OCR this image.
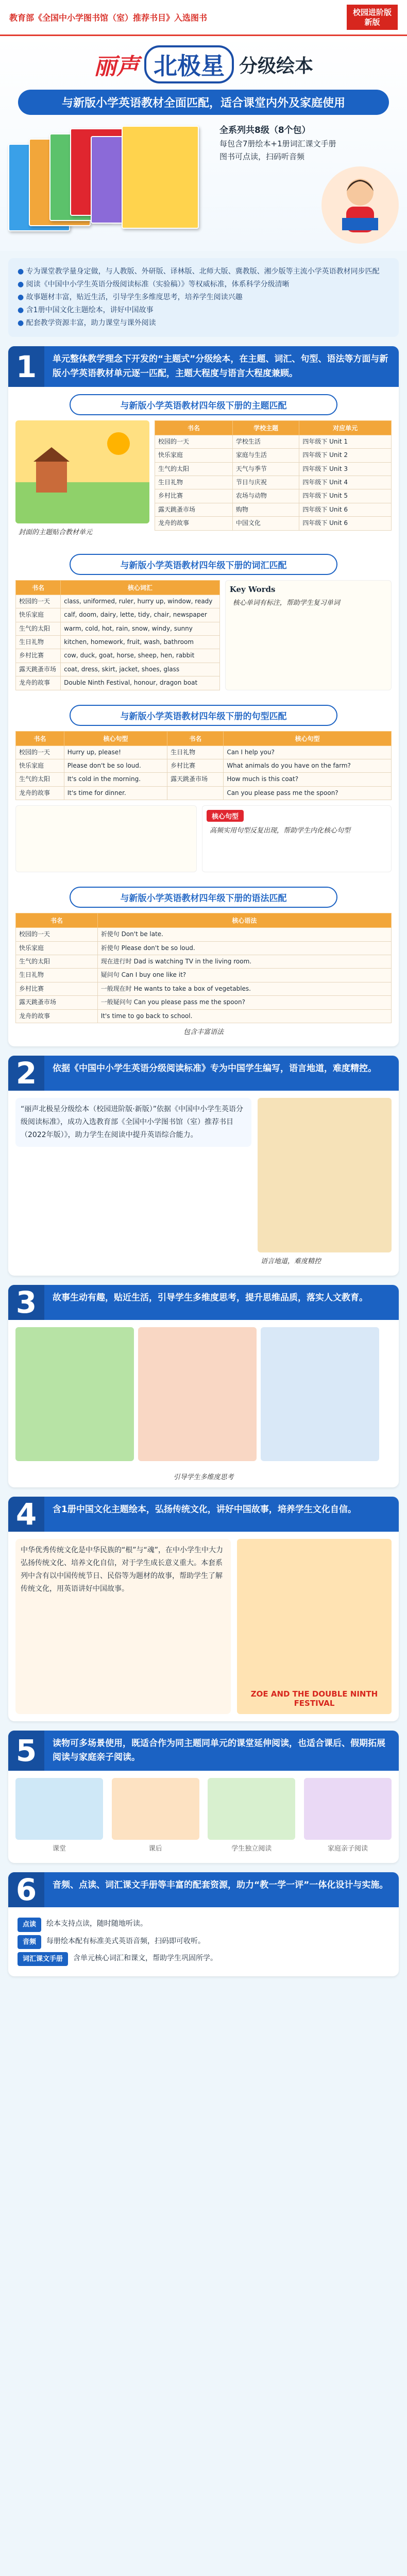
教育部《全国中小学图书馆（室）推荐书目》入选图书
校园进阶版
新版
丽声 北极星 分级绘本
与新版小学英语教材全面匹配，适合课堂内外及家庭使用
全系列共8级（8个包）
每包含7册绘本+1册词汇课文手册
图书可点读，扫码听音频
● 专为课堂教学量身定做，与人教版、外研版、译林版、北师大版、冀教版、湘少版等主流小学英语教材同步匹配
● 阅读《中国中小学生英语分级阅读标准（实验稿）》等权威标准，体系科学分级清晰
● 故事题材丰富，贴近生活，引导学生多维度思考，培养学生阅读兴趣
● 含1册中国文化主题绘本，讲好中国故事
● 配套教学资源丰富，助力课堂与课外阅读
1	单元整体教学理念下开发的“主题式”分级绘本，在主题、词汇、句型、语法等方面与新版小学英语教材单元逐一匹配，主题大程度与语言大程度兼顾。
与新版小学英语教材四年级下册的主题匹配
封面的主题贴合教材单元
书名	学校主题	对应单元
校园的一天	学校生活	四年级下 Unit 1
快乐家庭	家庭与生活	四年级下 Unit 2
生气的太阳	天气与季节	四年级下 Unit 3
生日礼物	节日与庆祝	四年级下 Unit 4
乡村比赛	农场与动物	四年级下 Unit 5
露天跳蚤市场	购物	四年级下 Unit 6
龙舟的故事	中国文化	四年级下 Unit 6
与新版小学英语教材四年级下册的词汇匹配
书名	核心词汇
校园的一天	class, uniformed, ruler, hurry up, window, ready
快乐家庭	calf, doom, dairy, lette, tidy, chair, newspaper
生气的太阳	warm, cold, hot, rain, snow, windy, sunny
生日礼物	kitchen, homework, fruit, wash, bathroom
乡村比赛	cow, duck, goat, horse, sheep, hen, rabbit
露天跳蚤市场	coat, dress, skirt, jacket, shoes, glass
龙舟的故事	Double Ninth Festival, honour, dragon boat
Key Words
核心单词有标注，帮助学生复习单词
与新版小学英语教材四年级下册的句型匹配
书名	核心句型	书名	核心句型
校园的一天	Hurry up, please!	生日礼物	Can I help you?
快乐家庭	Please don't be so loud.	乡村比赛	What animals do you have on the farm?
生气的太阳	It's cold in the morning.	露天跳蚤市场	How much is this coat?
龙舟的故事	It's time for dinner.		Can you please pass me the spoon?
核心句型
高频实用句型反复出现，帮助学生内化核心句型
与新版小学英语教材四年级下册的语法匹配
书名	核心语法
校园的一天	祈使句 Don't be late.
快乐家庭	祈使句 Please don't be so loud.
生气的太阳	现在进行时 Dad is watching TV in the living room.
生日礼物	疑问句 Can I buy one like it?
乡村比赛	一般现在时 He wants to take a box of vegetables.
露天跳蚤市场	一般疑问句 Can you please pass me the spoon?
龙舟的故事	It's time to go back to school.
包含丰富语法
2	依据《中国中小学生英语分级阅读标准》专为中国学生编写，语言地道，难度精控。
“丽声北极星分级绘本（校园进阶版·新版）”依据《中国中小学生英语分级阅读标准》，成功入选教育部《全国中小学图书馆（室）推荐书目（2022年版）》，助力学生在阅读中提升英语综合能力。
语言地道，难度精控
3	故事生动有趣，贴近生活，引导学生多维度思考，提升思维品质，落实人文教育。
引导学生多维度思考
4	含1册中国文化主题绘本，弘扬传统文化，讲好中国故事，培养学生文化自信。
中华优秀传统文化是中华民族的“根”与“魂”，在中小学生中大力弘扬传统文化、培养文化自信，对于学生成长意义重大。本套系列中含有以中国传统节日、民俗等为题材的故事，帮助学生了解传统文化，用英语讲好中国故事。
ZOE AND THE DOUBLE NINTH FESTIVAL
5	读物可多场景使用，既适合作为同主题同单元的课堂延伸阅读，也适合课后、假期拓展阅读与家庭亲子阅读。
课堂	课后	学生独立阅读	家庭亲子阅读
6	音频、点读、词汇课文手册等丰富的配套资源，助力“教一学一评”一体化设计与实施。
点读	绘本支持点读，随时随地听读。
音频	每册绘本配有标准美式英语音频，扫码即可收听。
词汇课文手册	含单元核心词汇和课文，帮助学生巩固所学。
